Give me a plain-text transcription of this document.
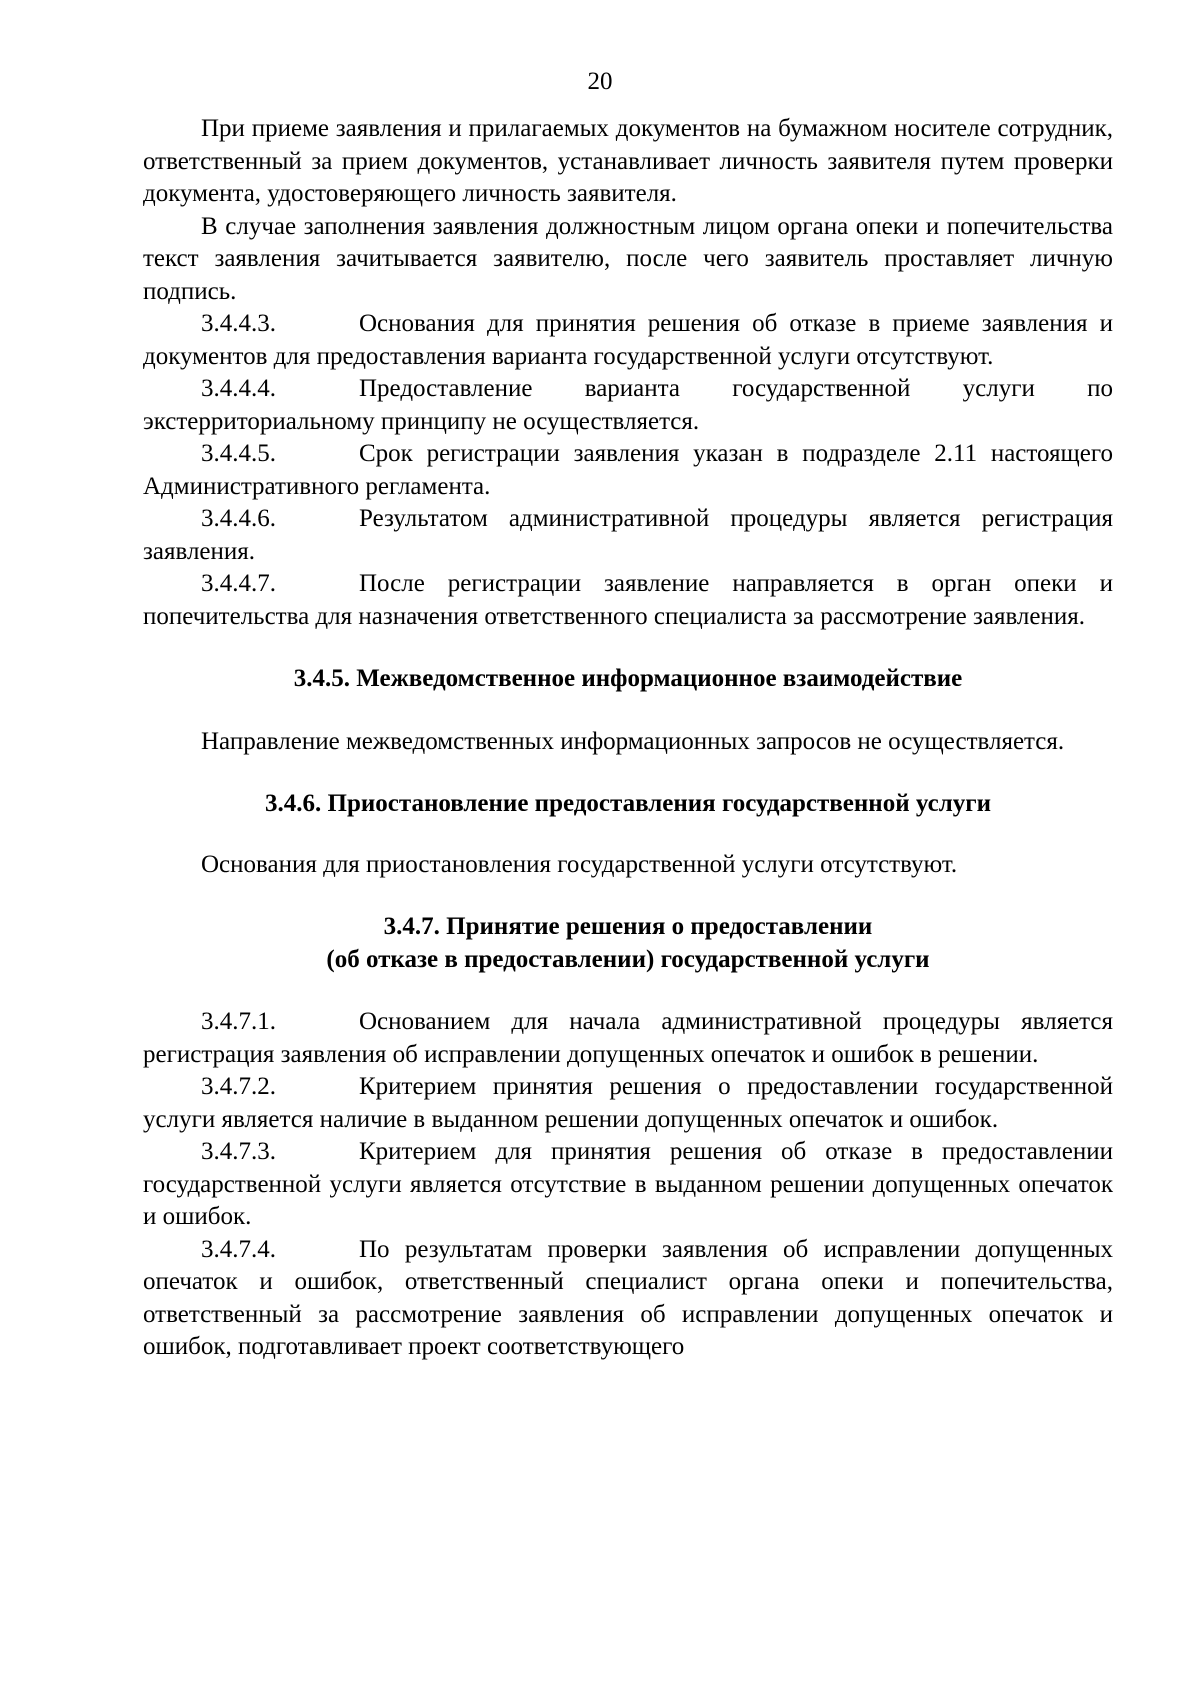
20

При приеме заявления и прилагаемых документов на бумажном носителе сотрудник, ответственный за прием документов, устанавливает личность заявителя путем проверки документа, удостоверяющего личность заявителя.

В случае заполнения заявления должностным лицом органа опеки и попечительства текст заявления зачитывается заявителю, после чего заявитель проставляет личную подпись.

3.4.4.3.	Основания для принятия решения об отказе в приеме заявления и документов для предоставления варианта государственной услуги отсутствуют.

3.4.4.4.	Предоставление варианта государственной услуги по экстерриториальному принципу не осуществляется.

3.4.4.5.	Срок регистрации заявления указан в подразделе 2.11 настоящего Административного регламента.

3.4.4.6.	Результатом административной процедуры является регистрация заявления.

3.4.4.7.	После регистрации заявление направляется в орган опеки и попечительства для назначения ответственного специалиста за рассмотрение заявления.

3.4.5. Межведомственное информационное взаимодействие

Направление межведомственных информационных запросов не осуществляется.

3.4.6. Приостановление предоставления государственной услуги

Основания для приостановления государственной услуги отсутствуют.

3.4.7. Принятие решения о предоставлении
(об отказе в предоставлении) государственной услуги

3.4.7.1.	Основанием для начала административной процедуры является регистрация заявления об исправлении допущенных опечаток и ошибок в решении.

3.4.7.2.	Критерием принятия решения о предоставлении государственной услуги является наличие в выданном решении допущенных опечаток и ошибок.

3.4.7.3.	Критерием для принятия решения об отказе в предоставлении государственной услуги является отсутствие в выданном решении допущенных опечаток и ошибок.

3.4.7.4.	По результатам проверки заявления об исправлении допущенных опечаток и ошибок, ответственный специалист органа опеки и попечительства, ответственный за рассмотрение заявления об исправлении допущенных опечаток и ошибок, подготавливает проект соответствующего
